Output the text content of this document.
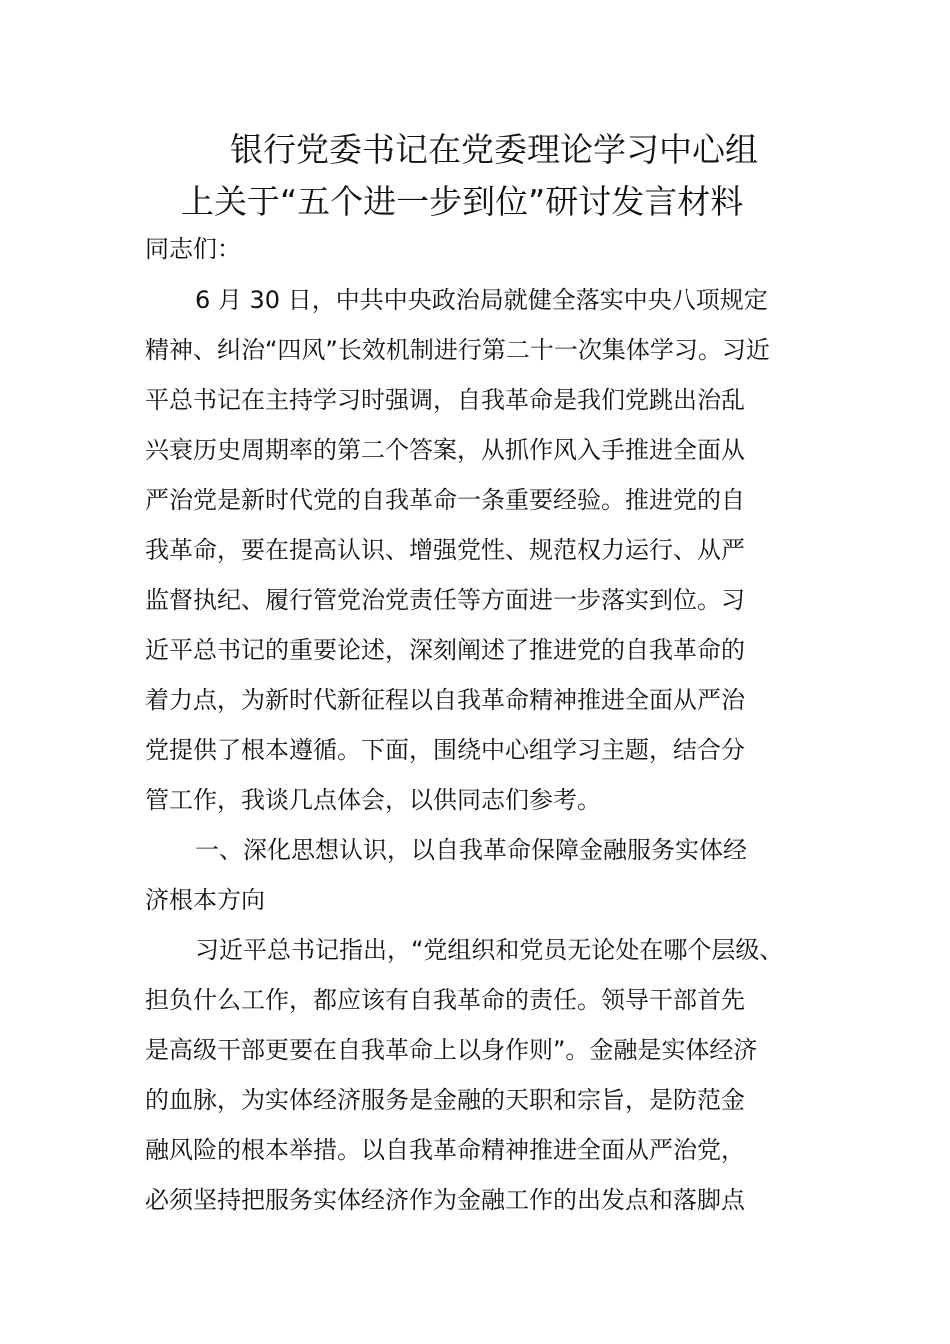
银行党委书记在党委理论学习中心组
上关于“五个进一步到位”研讨发言材料
同志们：
6 月 30 日，中共中央政治局就健全落实中央八项规定
精神、纠治“四风”长效机制进行第二十一次集体学习。习近
平总书记在主持学习时强调，自我革命是我们党跳出治乱
兴衰历史周期率的第二个答案，从抓作风入手推进全面从
严治党是新时代党的自我革命一条重要经验。推进党的自
我革命，要在提高认识、增强党性、规范权力运行、从严
监督执纪、履行管党治党责任等方面进一步落实到位。习
近平总书记的重要论述，深刻阐述了推进党的自我革命的
着力点，为新时代新征程以自我革命精神推进全面从严治
党提供了根本遵循。下面，围绕中心组学习主题，结合分
管工作，我谈几点体会，以供同志们参考。
一、深化思想认识，以自我革命保障金融服务实体经
济根本方向
习近平总书记指出，“党组织和党员无论处在哪个层级、
担负什么工作，都应该有自我革命的责任。领导干部首先
是高级干部更要在自我革命上以身作则”。金融是实体经济
的血脉，为实体经济服务是金融的天职和宗旨，是防范金
融风险的根本举措。以自我革命精神推进全面从严治党，
必须坚持把服务实体经济作为金融工作的出发点和落脚点
